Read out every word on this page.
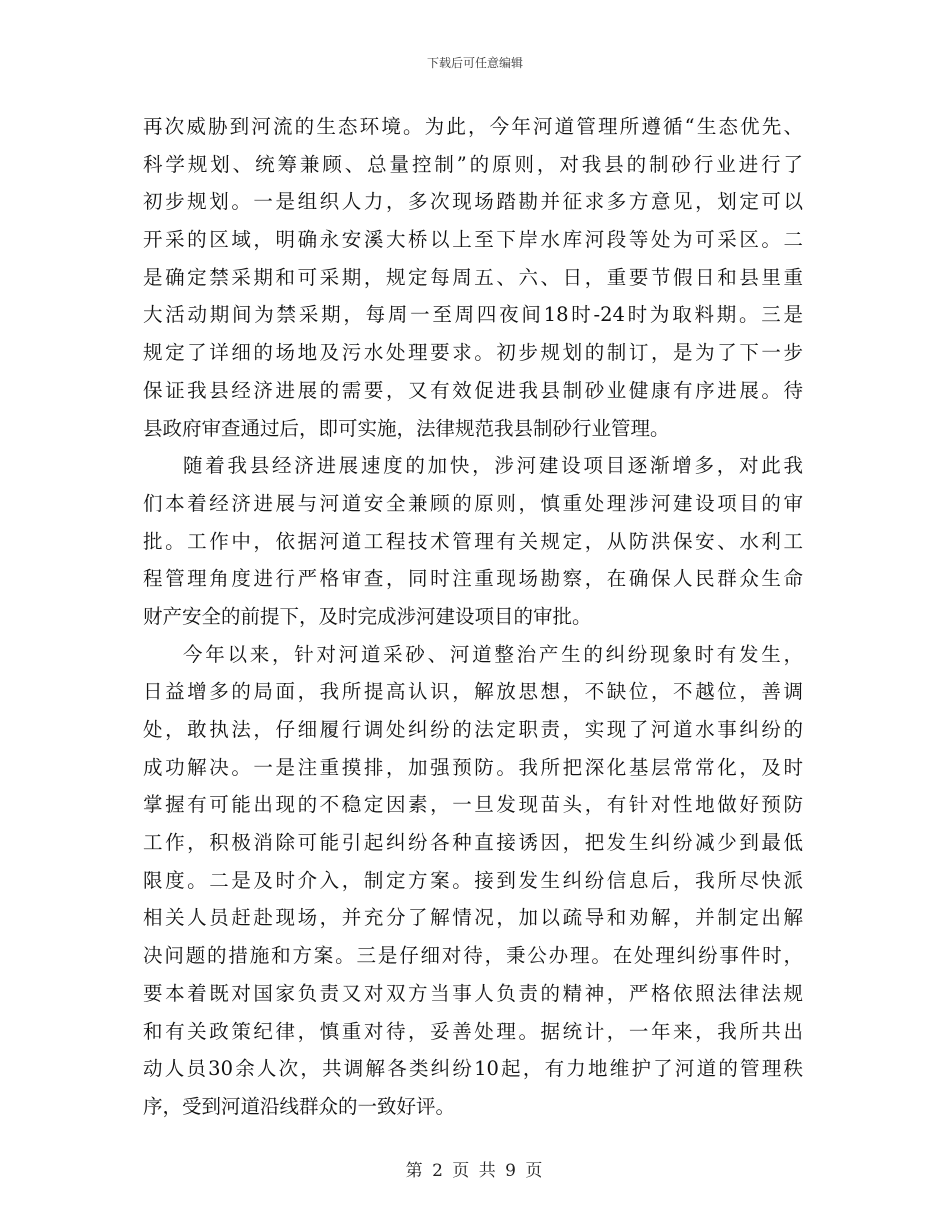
下载后可任意编辑
再次威胁到河流的生态环境。为此，今年河道管理所遵循“生态优先、
科学规划、统筹兼顾、总量控制”的原则，对我县的制砂行业进行了
初步规划。一是组织人力，多次现场踏勘并征求多方意见，划定可以
开采的区域，明确永安溪大桥以上至下岸水库河段等处为可采区。二
是确定禁采期和可采期，规定每周五、六、日，重要节假日和县里重
大活动期间为禁采期，每周一至周四夜间18时-24时为取料期。三是
规定了详细的场地及污水处理要求。初步规划的制订，是为了下一步
保证我县经济进展的需要，又有效促进我县制砂业健康有序进展。待
县政府审查通过后，即可实施，法律规范我县制砂行业管理。
随着我县经济进展速度的加快，涉河建设项目逐渐增多，对此我
们本着经济进展与河道安全兼顾的原则，慎重处理涉河建设项目的审
批。工作中，依据河道工程技术管理有关规定，从防洪保安、水利工
程管理角度进行严格审查，同时注重现场勘察，在确保人民群众生命
财产安全的前提下，及时完成涉河建设项目的审批。
今年以来，针对河道采砂、河道整治产生的纠纷现象时有发生，
日益增多的局面，我所提高认识，解放思想，不缺位，不越位，善调
处，敢执法，仔细履行调处纠纷的法定职责，实现了河道水事纠纷的
成功解决。一是注重摸排，加强预防。我所把深化基层常常化，及时
掌握有可能出现的不稳定因素，一旦发现苗头，有针对性地做好预防
工作，积极消除可能引起纠纷各种直接诱因，把发生纠纷减少到最低
限度。二是及时介入，制定方案。接到发生纠纷信息后，我所尽快派
相关人员赶赴现场，并充分了解情况，加以疏导和劝解，并制定出解
决问题的措施和方案。三是仔细对待，秉公办理。在处理纠纷事件时，
要本着既对国家负责又对双方当事人负责的精神，严格依照法律法规
和有关政策纪律，慎重对待，妥善处理。据统计，一年来，我所共出
动人员30余人次，共调解各类纠纷10起，有力地维护了河道的管理秩
序，受到河道沿线群众的一致好评。
第 2 页 共 9 页
